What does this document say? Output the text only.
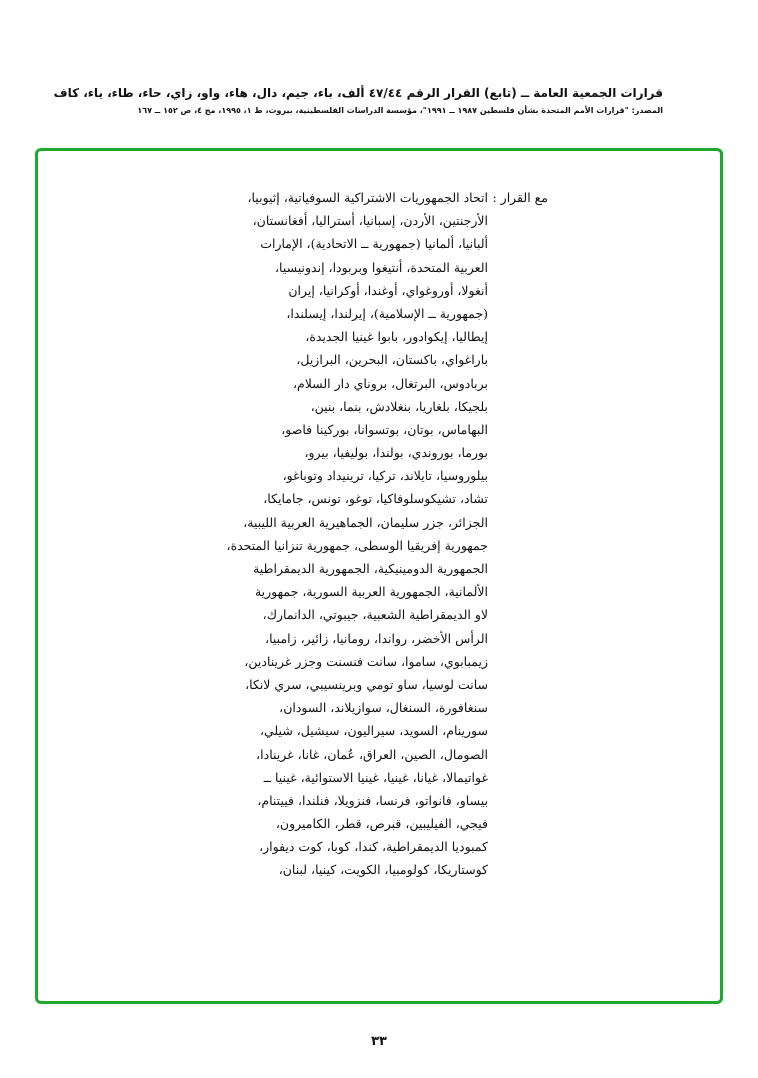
قرارات الجمعية العامة ــ (تابع) القرار الرقم ٤٧/٤٤ ألف، باء، جيم، دال، هاء، واو، زاي، حاء، طاء، ياء، كاف
المصدر: "قرارات الأمم المتحدة بشأن فلسطين ١٩٨٧ ــ ١٩٩١"، مؤسسة الدراسات الفلسطينية، بيروت، ط ١، ١٩٩٥، مج ٤، ص ١٥٢ ــ ١٦٧
مع القرار :
اتحاد الجمهوريات الاشتراكية السوفياتية، إثيوبيا،
الأرجنتين، الأردن، إسبانيا، أستراليا، أفغانستان،
ألبانيا، ألمانيا (جمهورية ــ الاتحادية)، الإمارات
العربية المتحدة، أنتيغوا وبربودا، إندونيسيا،
أنغولا، أوروغواي، أوغندا، أوكرانيا، إيران
(جمهورية ــ الإسلامية)، إيرلندا، إيسلندا،
إيطاليا، إيكوادور، بابوا غينيا الجديدة،
باراغواي، باكستان، البحرين، البرازيل،
بربادوس، البرتغال، بروناي دار السلام،
بلجيكا، بلغاريا، بنغلادش، بنما، بنين،
البهاماس، بوتان، بوتسوانا، بوركينا فاصو،
بورما، بوروندي، بولندا، بوليفيا، بيرو،
بيلوروسيا، تايلاند، تركيا، ترينيداد وتوباغو،
تشاد، تشيكوسلوفاكيا، توغو، تونس، جامايكا،
الجزائر، جزر سليمان، الجماهيرية العربية الليبية،
جمهورية إفريقيا الوسطى، جمهورية تنزانيا المتحدة،
الجمهورية الدومينيكية، الجمهورية الديمقراطية
الألمانية، الجمهورية العربية السورية، جمهورية
لاو الديمقراطية الشعبية، جيبوتي، الدانمارك،
الرأس الأخضر، رواندا، رومانيا، زائير، زامبيا،
زيمبابوي، ساموا، سانت فنسنت وجزر غرينادين،
سانت لوسيا، ساو تومي وبرينسيبي، سري لانكا،
سنغافورة، السنغال، سوازيلاند، السودان،
سورينام، السويد، سيراليون، سيشيل، شيلي،
الصومال، الصين، العراق، عُمان، غانا، غرينادا،
غواتيمالا، غيانا، غينيا، غينيا الاستوائية، غينيا ــ
بيساو، فانواتو، فرنسا، فنزويلا، فنلندا، فييتنام،
فيجي، الفيليبين، قبرص، قطر، الكاميرون،
كمبوديا الديمقراطية، كندا، كوبا، كوت ديفوار،
كوستاريكا، كولومبيا، الكويت، كينيا، لبنان،
٣٣
